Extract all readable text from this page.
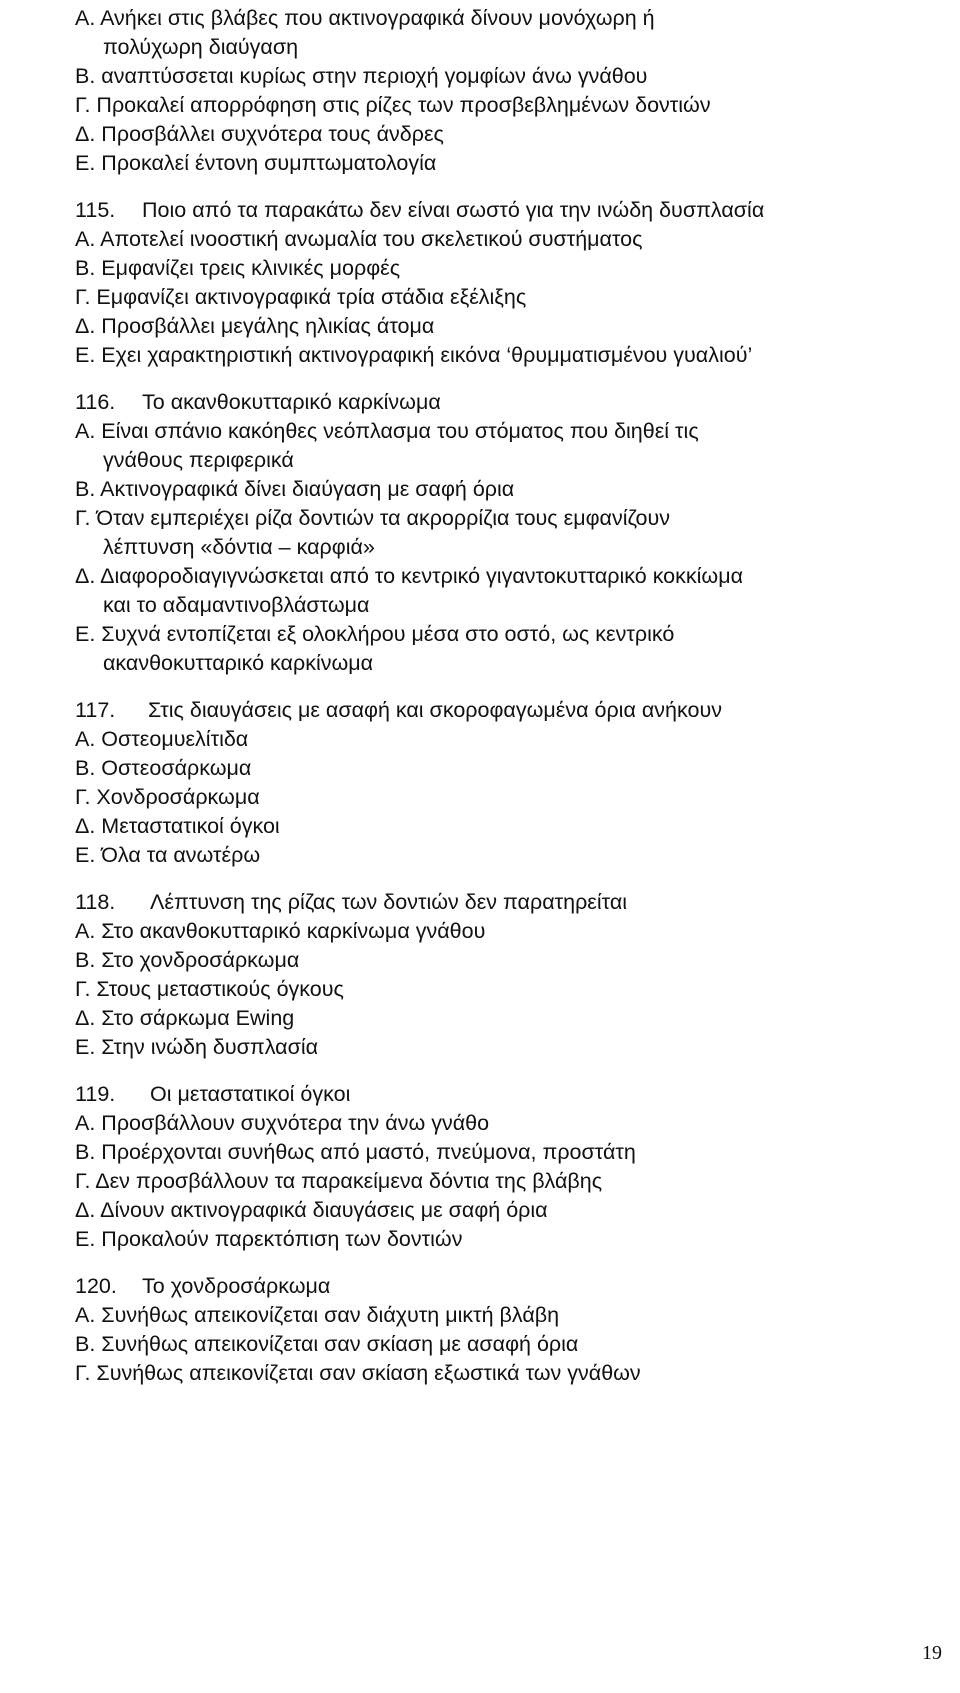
Α. Ανήκει στις βλάβες που ακτινογραφικά δίνουν μονόχωρη ή
πολύχωρη διαύγαση
Β. αναπτύσσεται κυρίως στην περιοχή γομφίων άνω γνάθου
Γ. Προκαλεί απορρόφηση στις ρίζες των προσβεβλημένων δοντιών
Δ. Προσβάλλει συχνότερα τους άνδρες
Ε. Προκαλεί έντονη συμπτωματολογία
115. Ποιο από τα παρακάτω δεν είναι σωστό για την ινώδη δυσπλασία
Α. Αποτελεί ινοοστική ανωμαλία του σκελετικού συστήματος
Β. Εμφανίζει τρεις κλινικές μορφές
Γ. Εμφανίζει ακτινογραφικά τρία στάδια εξέλιξης
Δ. Προσβάλλει μεγάλης ηλικίας άτομα
Ε. Εχει χαρακτηριστική ακτινογραφική εικόνα ‘θρυμματισμένου γυαλιού’
116. Το ακανθοκυτταρικό καρκίνωμα
Α. Είναι σπάνιο κακόηθες νεόπλασμα του στόματος που διηθεί τις
γνάθους περιφερικά
Β. Ακτινογραφικά δίνει διαύγαση με σαφή όρια
Γ. Όταν εμπεριέχει ρίζα δοντιών τα ακρορρίζια τους εμφανίζουν
λέπτυνση «δόντια – καρφιά»
Δ. Διαφοροδιαγιγνώσκεται από το κεντρικό γιγαντοκυτταρικό κοκκίωμα
και το αδαμαντινοβλάστωμα
Ε. Συχνά εντοπίζεται εξ ολοκλήρου μέσα στο οστό, ως κεντρικό
ακανθοκυτταρικό καρκίνωμα
117. Στις διαυγάσεις με ασαφή και σκοροφαγωμένα όρια ανήκουν
Α. Οστεομυελίτιδα
Β. Οστεοσάρκωμα
Γ. Χονδροσάρκωμα
Δ. Μεταστατικοί όγκοι
Ε. Όλα τα ανωτέρω
118. Λέπτυνση της ρίζας των δοντιών δεν παρατηρείται
Α. Στο ακανθοκυτταρικό καρκίνωμα γνάθου
Β. Στο χονδροσάρκωμα
Γ. Στους μεταστικούς όγκους
Δ. Στο σάρκωμα Ewing
Ε. Στην ινώδη δυσπλασία
119. Οι μεταστατικοί όγκοι
Α. Προσβάλλουν συχνότερα την άνω γνάθο
Β. Προέρχονται συνήθως από μαστό, πνεύμονα, προστάτη
Γ. Δεν προσβάλλουν τα παρακείμενα δόντια της βλάβης
Δ. Δίνουν ακτινογραφικά διαυγάσεις με σαφή όρια
Ε. Προκαλούν παρεκτόπιση των δοντιών
120. Το χονδροσάρκωμα
Α. Συνήθως απεικονίζεται σαν διάχυτη μικτή βλάβη
Β. Συνήθως απεικονίζεται σαν σκίαση με ασαφή όρια
Γ. Συνήθως απεικονίζεται σαν σκίαση εξωστικά των γνάθων
19
